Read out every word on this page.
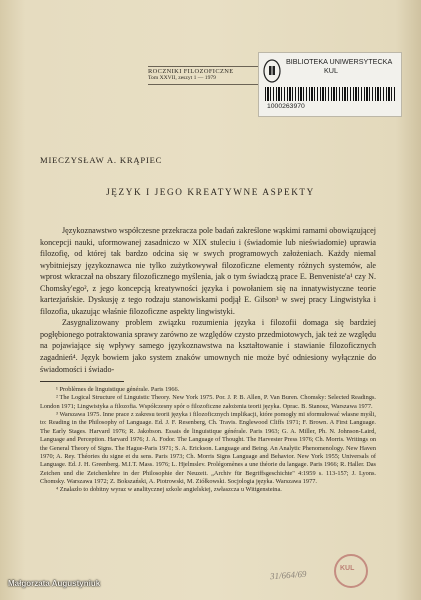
ROCZNIKI FILOZOFICZNE
Tom XXVII, zeszyt 1 — 1979
BIBLIOTEKA UNIWERSYTECKA
KUL
1000263970
MIECZYSŁAW A. KRĄPIEC
JĘZYK I JEGO KREATYWNE ASPEKTY

Językoznawstwo współczesne przekracza pole badań zakreślone wąskimi ramami obowiązującej koncepcji nauki, uformowanej zasadniczo w XIX stuleciu i (świadomie lub nieświadomie) uprawia filozofię, od której tak bardzo odcina się w swych programowych założeniach. Każdy niemal wybitniejszy językoznawca nie tylko zużytkowywał filozoficzne elementy różnych systemów, ale wprost wkraczał na obszary filozoficznego myślenia, jak o tym świadczą prace E. Benveniste'a¹ czy N. Chomsky'ego², z jego koncepcją kreatywności języka i powołaniem się na innatywistyczne teorie kartezjańskie. Dyskusję z tego rodzaju stanowiskami podjął E. Gilson³ w swej pracy Lingwistyka i filozofia, ukazując właśnie filozoficzne aspekty lingwistyki.

Zasygnalizowany problem związku rozumienia języka i filozofii domaga się bardziej pogłębionego potraktowania sprawy zarówno ze względów czysto przedmiotowych, jak też ze względu na pojawiające się wpływy samego językoznawstwa na kształtowanie i stawianie filozoficznych zagadnień⁴. Język bowiem jako system znaków umownych nie może być odniesiony wyłącznie do świadomości i świado-

¹ Problèmes de linguistique générale. Paris 1966.

² The Logical Structure of Linguistic Theory. New York 1975. Por. J. P. B. Allen, P. Van Buren. Chomsky: Selected Readings. London 1971; Lingwistyka a filozofia. Współczesny spór o filozoficzne założenia teorii języka. Oprac. B. Stanosz, Warszawa 1977.

³ Warszawa 1975. Inne prace z zakresu teorii języka i filozoficznych implikacji, które pomogły mi sformułować własne myśli, to: Reading in the Philosophy of Language. Ed. J. F. Resenberg, Ch. Travis. Englewood Cliffs 1971; F. Brown. A First Language. The Early Stages. Harvard 1976; R. Jakobson. Essais de linguistique générale. Paris 1963; G. A. Miller, Ph. N. Johnson-Laird, Language and Perception. Harvard 1976; J. A. Fodor. The Language of Thought. The Harvester Press 1976; Ch. Morris. Writings on the General Theory of Signs. The Hague-Paris 1971; S. A. Erickson. Language and Being. An Analytic Phenomenology. New Haven 1970; A. Rey. Théories du signe et du sens. Paris 1973; Ch. Morris Signs Language and Behavior. New York 1955; Universals of Language. Ed. J. H. Greenberg. M.I.T. Mass. 1976; L. Hjelmslev. Prolégomènes a une théorie du langage. Paris 1966; R. Haller. Das Zeichen und die Zeichenlehre in der Philosophie der Neuzeit. „Archiv für Begriffsgeschichte" 4:1959 s. 113-157; J. Lyons. Chomsky. Warszawa 1972; Z. Bokszański, A. Piotrowski, M. Ziółkowski. Socjologia języka. Warszawa 1977.

⁴ Znalazło to dobitny wyraz w analitycznej szkole angielskiej, zwłaszcza u Wittgensteina.

31/664/69
KUL
Małgorzata Augustyniuk
